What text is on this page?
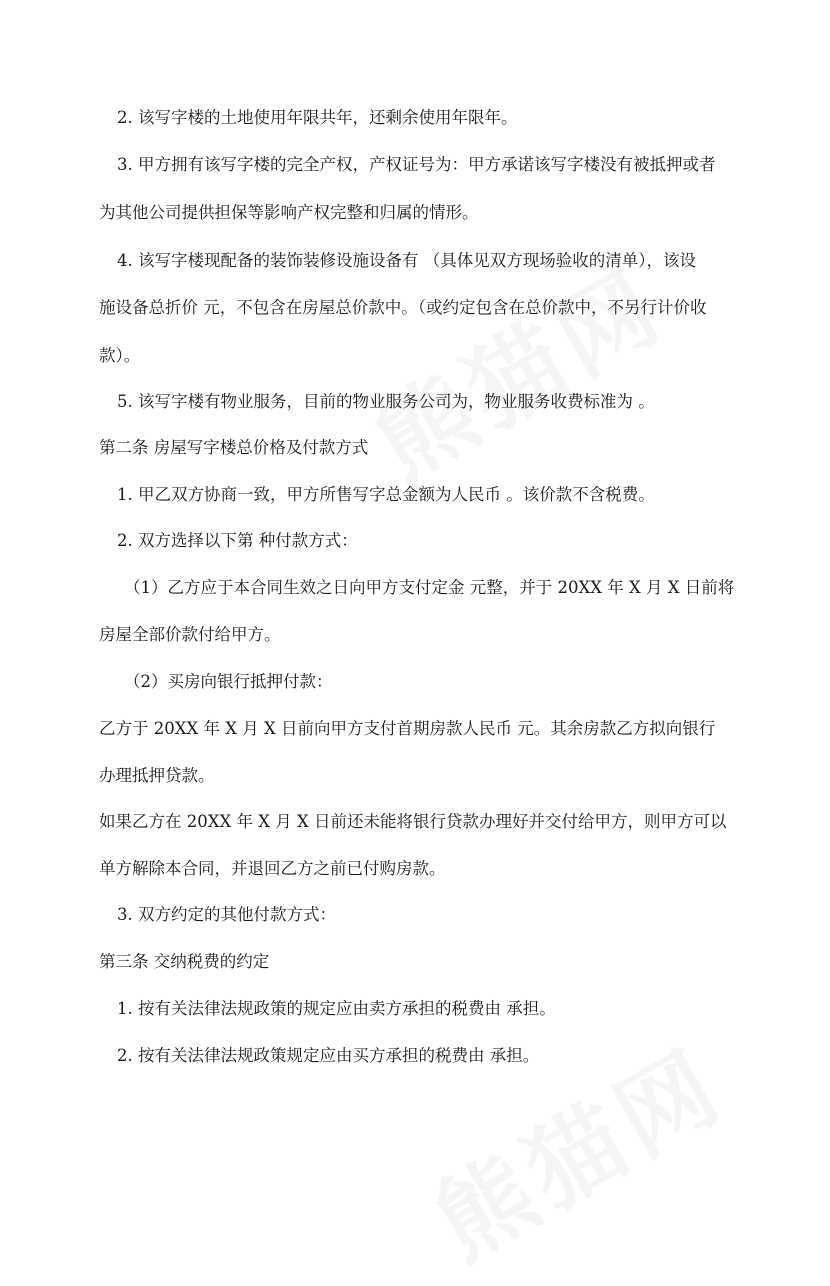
2. 该写字楼的土地使用年限共年，还剩余使用年限年。
3. 甲方拥有该写字楼的完全产权，产权证号为：甲方承诺该写字楼没有被抵押或者
为其他公司提供担保等影响产权完整和归属的情形。
4. 该写字楼现配备的装饰装修设施设备有 （具体见双方现场验收的清单），该设
施设备总折价 元，不包含在房屋总价款中。（或约定包含在总价款中，不另行计价收
款）。
5. 该写字楼有物业服务，目前的物业服务公司为，物业服务收费标准为 。
第二条 房屋写字楼总价格及付款方式
1. 甲乙双方协商一致，甲方所售写字总金额为人民币 。该价款不含税费。
2. 双方选择以下第 种付款方式：
（1）乙方应于本合同生效之日向甲方支付定金 元整，并于 20XX 年 X 月 X 日前将
房屋全部价款付给甲方。
（2）买房向银行抵押付款：
乙方于 20XX 年 X 月 X 日前向甲方支付首期房款人民币 元。其余房款乙方拟向银行
办理抵押贷款。
如果乙方在 20XX 年 X 月 X 日前还未能将银行贷款办理好并交付给甲方，则甲方可以
单方解除本合同，并退回乙方之前已付购房款。
3. 双方约定的其他付款方式：
第三条 交纳税费的约定
1. 按有关法律法规政策的规定应由卖方承担的税费由 承担。
2. 按有关法律法规政策规定应由买方承担的税费由 承担。
